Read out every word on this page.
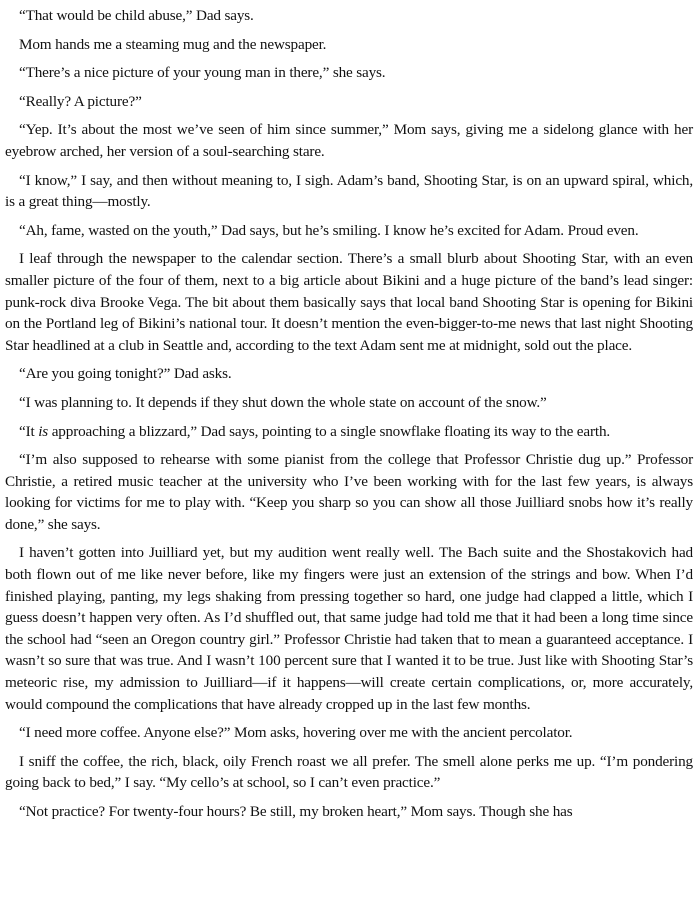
“That would be child abuse,” Dad says.

Mom hands me a steaming mug and the newspaper.

“There’s a nice picture of your young man in there,” she says.

“Really? A picture?”

“Yep. It’s about the most we’ve seen of him since summer,” Mom says, giving me a sidelong glance with her eyebrow arched, her version of a soul-searching stare.

“I know,” I say, and then without meaning to, I sigh. Adam’s band, Shooting Star, is on an upward spiral, which, is a great thing—mostly.

“Ah, fame, wasted on the youth,” Dad says, but he’s smiling. I know he’s excited for Adam. Proud even.

I leaf through the newspaper to the calendar section. There’s a small blurb about Shooting Star, with an even smaller picture of the four of them, next to a big article about Bikini and a huge picture of the band’s lead singer: punk-rock diva Brooke Vega. The bit about them basically says that local band Shooting Star is opening for Bikini on the Portland leg of Bikini’s national tour. It doesn’t mention the even-bigger-to-me news that last night Shooting Star headlined at a club in Seattle and, according to the text Adam sent me at midnight, sold out the place.

“Are you going tonight?” Dad asks.

“I was planning to. It depends if they shut down the whole state on account of the snow.”

“It is approaching a blizzard,” Dad says, pointing to a single snowflake floating its way to the earth.

“I’m also supposed to rehearse with some pianist from the college that Professor Christie dug up.” Professor Christie, a retired music teacher at the university who I’ve been working with for the last few years, is always looking for victims for me to play with. “Keep you sharp so you can show all those Juilliard snobs how it’s really done,” she says.

I haven’t gotten into Juilliard yet, but my audition went really well. The Bach suite and the Shostakovich had both flown out of me like never before, like my fingers were just an extension of the strings and bow. When I’d finished playing, panting, my legs shaking from pressing together so hard, one judge had clapped a little, which I guess doesn’t happen very often. As I’d shuffled out, that same judge had told me that it had been a long time since the school had “seen an Oregon country girl.” Professor Christie had taken that to mean a guaranteed acceptance. I wasn’t so sure that was true. And I wasn’t 100 percent sure that I wanted it to be true. Just like with Shooting Star’s meteoric rise, my admission to Juilliard—if it happens—will create certain complications, or, more accurately, would compound the complications that have already cropped up in the last few months.

“I need more coffee. Anyone else?” Mom asks, hovering over me with the ancient percolator.

I sniff the coffee, the rich, black, oily French roast we all prefer. The smell alone perks me up. “I’m pondering going back to bed,” I say. “My cello’s at school, so I can’t even practice.”

“Not practice? For twenty-four hours? Be still, my broken heart,” Mom says. Though she has
